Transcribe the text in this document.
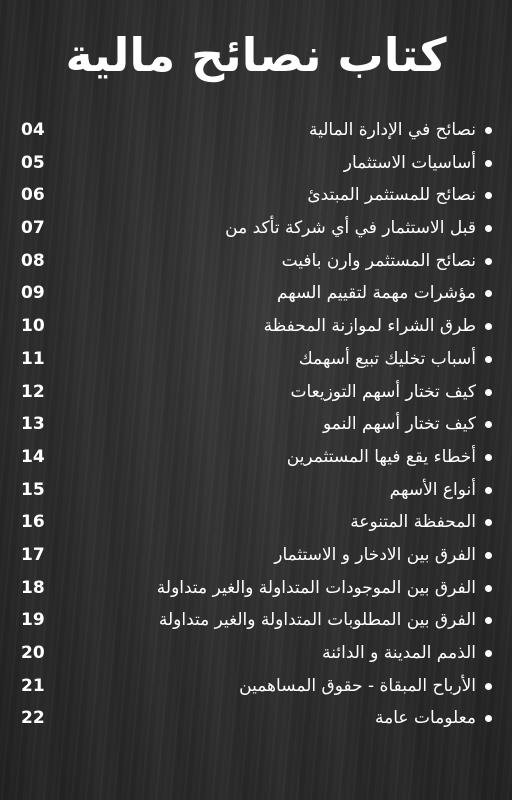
كتاب نصائح مالية
04	نصائح في الإدارة المالية
05	أساسيات الاستثمار
06	نصائح للمستثمر المبتدئ
07	قبل الاستثمار في أي شركة تأكد من
08	نصائح المستثمر وارن بافيت
09	مؤشرات مهمة لتقييم السهم
10	طرق الشراء لموازنة المحفظة
11	أسباب تخليك تبيع أسهمك
12	كيف تختار أسهم التوزيعات
13	كيف تختار أسهم النمو
14	أخطاء يقع فيها المستثمرين
15	أنواع الأسهم
16	المحفظة المتنوعة
17	الفرق بين الادخار و الاستثمار
18	الفرق بين الموجودات المتداولة والغير متداولة
19	الفرق بين المطلوبات المتداولة والغير متداولة
20	الذمم المدينة و الدائنة
21	الأرباح المبقاة - حقوق المساهمين
22	معلومات عامة
